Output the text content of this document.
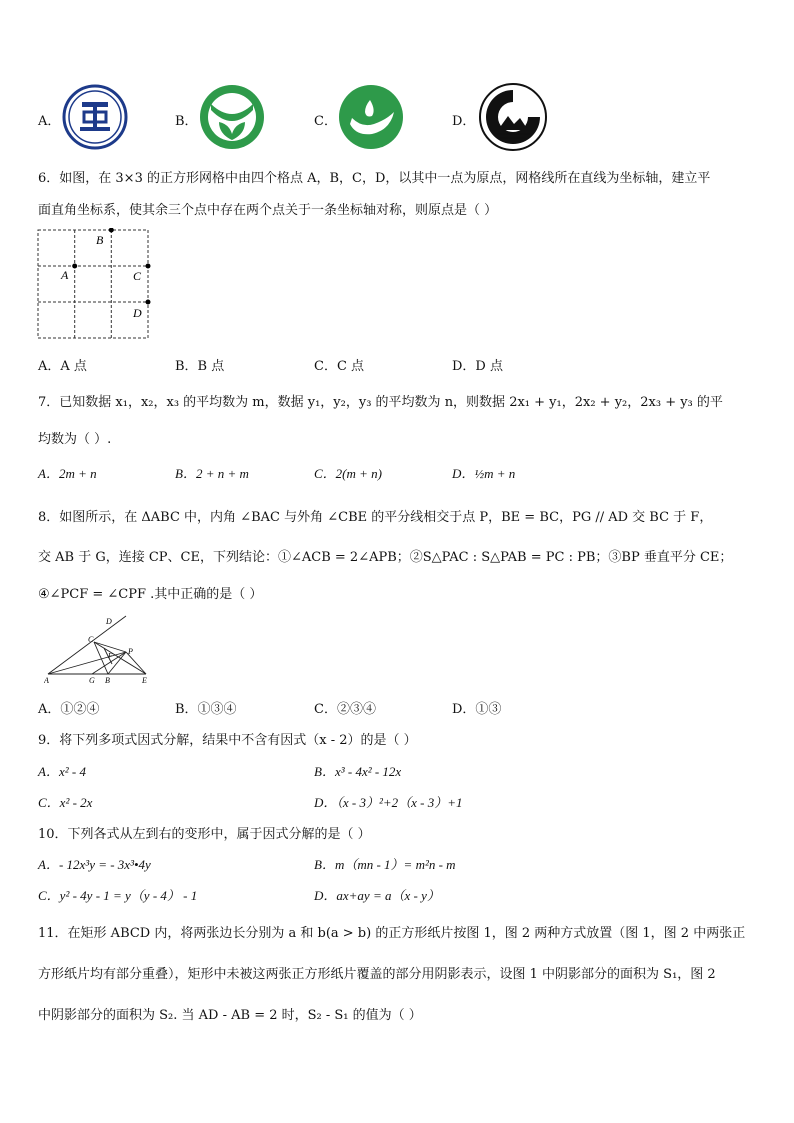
A．	B．	C．	D．
6．如图，在 3×3 的正方形网格中由四个格点 A，B，C，D，以其中一点为原点，网格线所在直线为坐标轴，建立平
面直角坐标系，使其余三个点中存在两个点关于一条坐标轴对称，则原点是（ ）
B
A	C
D
A．A 点	B．B 点	C．C 点	D．D 点
7．已知数据 x₁，x₂，x₃ 的平均数为 m，数据 y₁，y₂，y₃ 的平均数为 n，则数据 2x₁ + y₁，2x₂ + y₂，2x₃ + y₃ 的平
均数为（ ）.
A．2m + n	B．2 + n + m	C．2(m + n)	D．½m + n
8．如图所示，在 ΔABC 中，内角 ∠BAC 与外角 ∠CBE 的平分线相交于点 P，BE = BC，PG // AD 交 BC 于 F，
交 AB 于 G，连接 CP、CE，下列结论：①∠ACB = 2∠APB；②S△PAC : S△PAB = PC : PB；③BP 垂直平分 CE；
④∠PCF = ∠CPF .其中正确的是（ ）
A
C
D
P
F
G B	E
A．①②④	B．①③④	C．②③④	D．①③
9．将下列多项式因式分解，结果中不含有因式（x - 2）的是（ ）
A．x² - 4	B．x³ - 4x² - 12x
C．x² - 2x	D．（x - 3）²+2（x - 3）+1
10．下列各式从左到右的变形中，属于因式分解的是（ ）
A．- 12x³y = - 3x³•4y	B．m（mn - 1）= m²n - m
C．y² - 4y - 1 = y（y - 4） - 1	D．ax+ay = a（x - y）
11．在矩形 ABCD 内，将两张边长分别为 a 和 b(a > b) 的正方形纸片按图 1，图 2 两种方式放置（图 1，图 2 中两张正
方形纸片均有部分重叠），矩形中未被这两张正方形纸片覆盖的部分用阴影表示，设图 1 中阴影部分的面积为 S₁，图 2
中阴影部分的面积为 S₂. 当 AD - AB = 2 时，S₂ - S₁ 的值为（ ）
